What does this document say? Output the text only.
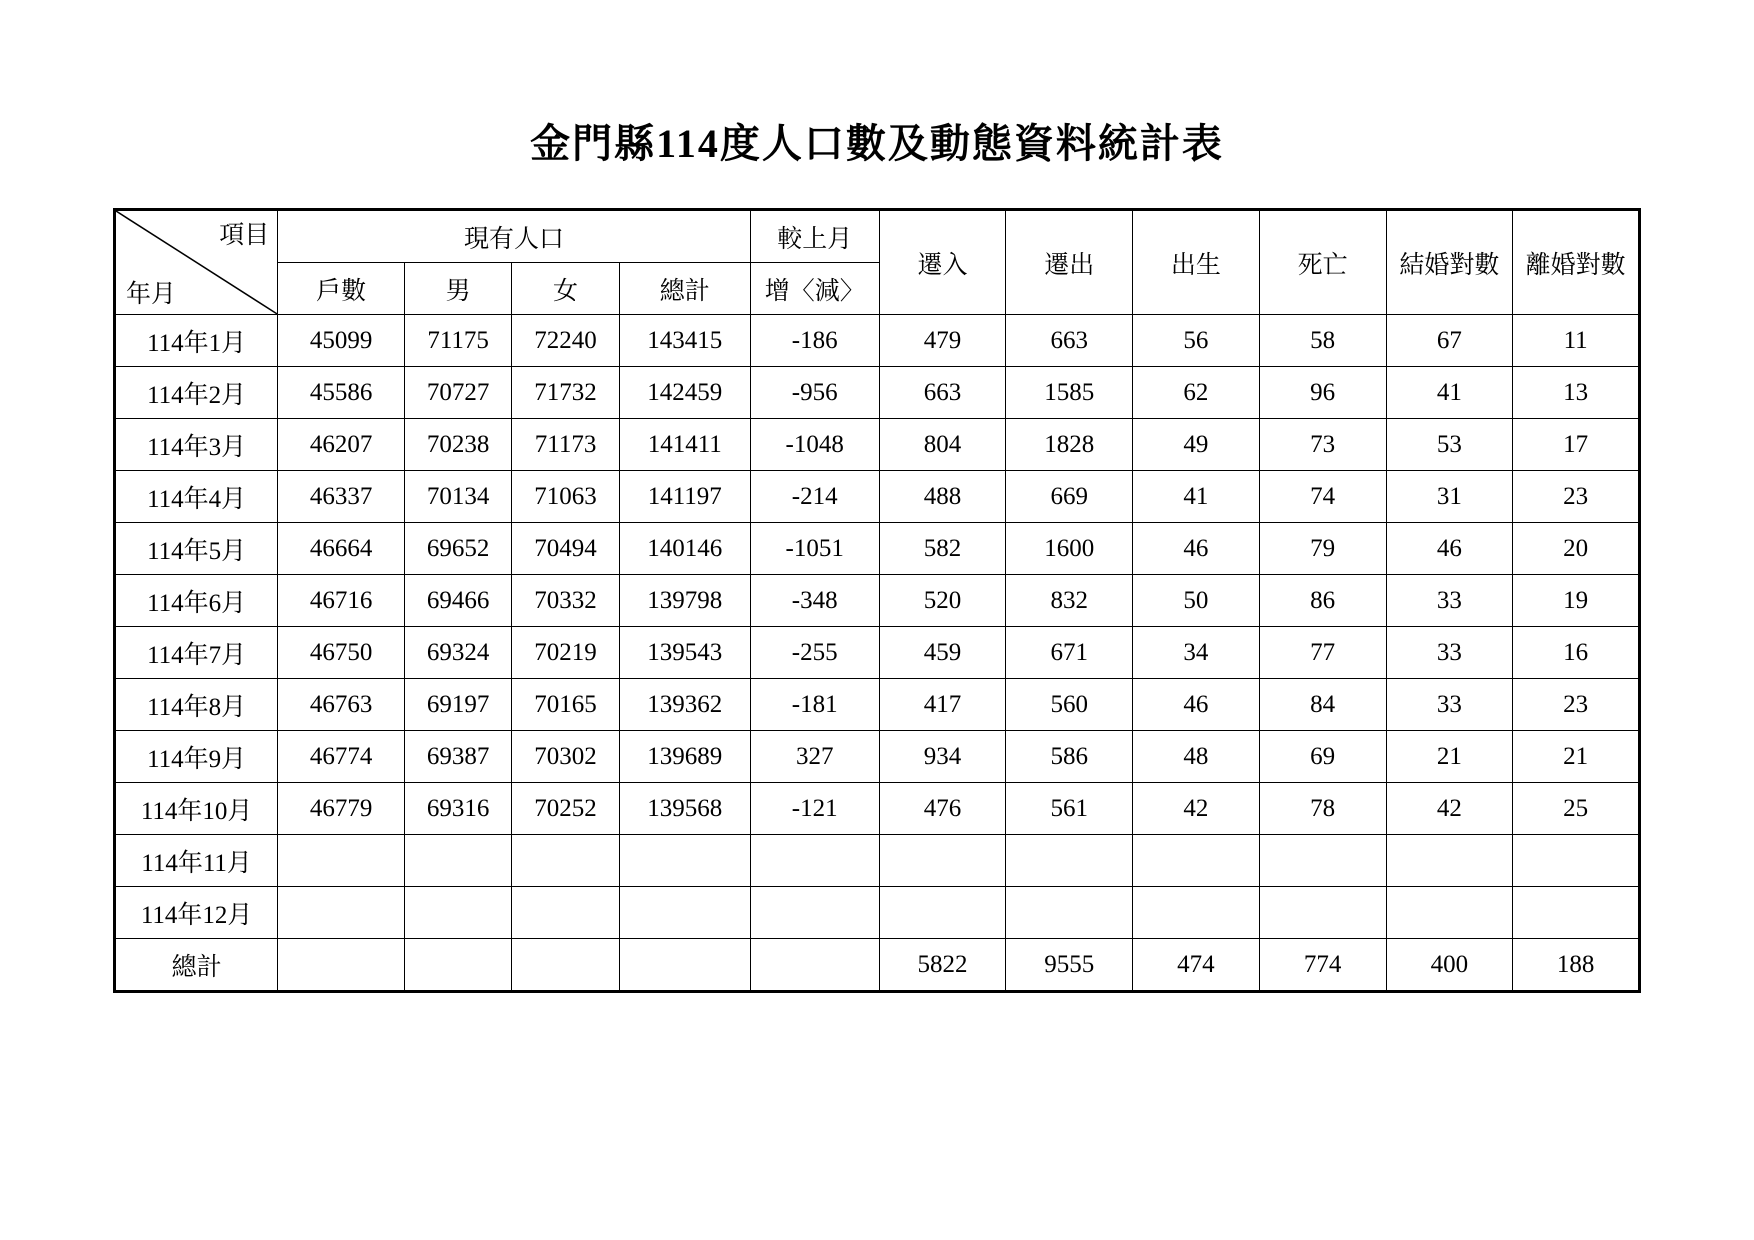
金門縣114度人口數及動態資料統計表
項目
年月	現有人口				較上月	遷入	遷出	出生	死亡	結婚對數	離婚對數
	戶數	男	女	總計	增〈減〉						
114年1月	45099	71175	72240	143415	-186	479	663	56	58	67	11
114年2月	45586	70727	71732	142459	-956	663	1585	62	96	41	13
114年3月	46207	70238	71173	141411	-1048	804	1828	49	73	53	17
114年4月	46337	70134	71063	141197	-214	488	669	41	74	31	23
114年5月	46664	69652	70494	140146	-1051	582	1600	46	79	46	20
114年6月	46716	69466	70332	139798	-348	520	832	50	86	33	19
114年7月	46750	69324	70219	139543	-255	459	671	34	77	33	16
114年8月	46763	69197	70165	139362	-181	417	560	46	84	33	23
114年9月	46774	69387	70302	139689	327	934	586	48	69	21	21
114年10月	46779	69316	70252	139568	-121	476	561	42	78	42	25
114年11月											
114年12月											
總計						5822	9555	474	774	400	188
